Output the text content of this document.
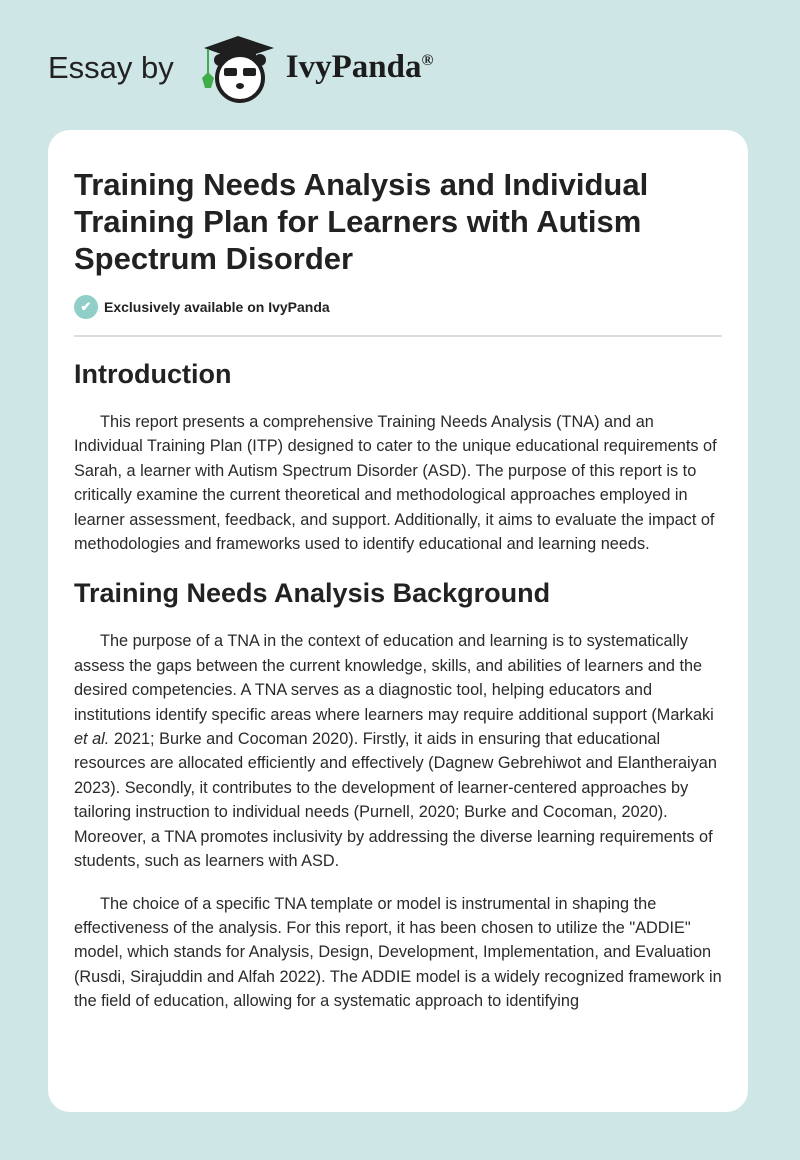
Essay by	IvyPanda®
Training Needs Analysis and Individual Training Plan for Learners with Autism Spectrum Disorder
✔ Exclusively available on IvyPanda
Introduction

This report presents a comprehensive Training Needs Analysis (TNA) and an Individual Training Plan (ITP) designed to cater to the unique educational requirements of Sarah, a learner with Autism Spectrum Disorder (ASD). The purpose of this report is to critically examine the current theoretical and methodological approaches employed in learner assessment, feedback, and support. Additionally, it aims to evaluate the impact of methodologies and frameworks used to identify educational and learning needs.

Training Needs Analysis Background

The purpose of a TNA in the context of education and learning is to systematically assess the gaps between the current knowledge, skills, and abilities of learners and the desired competencies. A TNA serves as a diagnostic tool, helping educators and institutions identify specific areas where learners may require additional support (Markaki et al. 2021; Burke and Cocoman 2020). Firstly, it aids in ensuring that educational resources are allocated efficiently and effectively (Dagnew Gebrehiwot and Elantheraiyan 2023). Secondly, it contributes to the development of learner-centered approaches by tailoring instruction to individual needs (Purnell, 2020; Burke and Cocoman, 2020). Moreover, a TNA promotes inclusivity by addressing the diverse learning requirements of students, such as learners with ASD.

The choice of a specific TNA template or model is instrumental in shaping the effectiveness of the analysis. For this report, it has been chosen to utilize the "ADDIE" model, which stands for Analysis, Design, Development, Implementation, and Evaluation (Rusdi, Sirajuddin and Alfah 2022). The ADDIE model is a widely recognized framework in the field of education, allowing for a systematic approach to identifying
